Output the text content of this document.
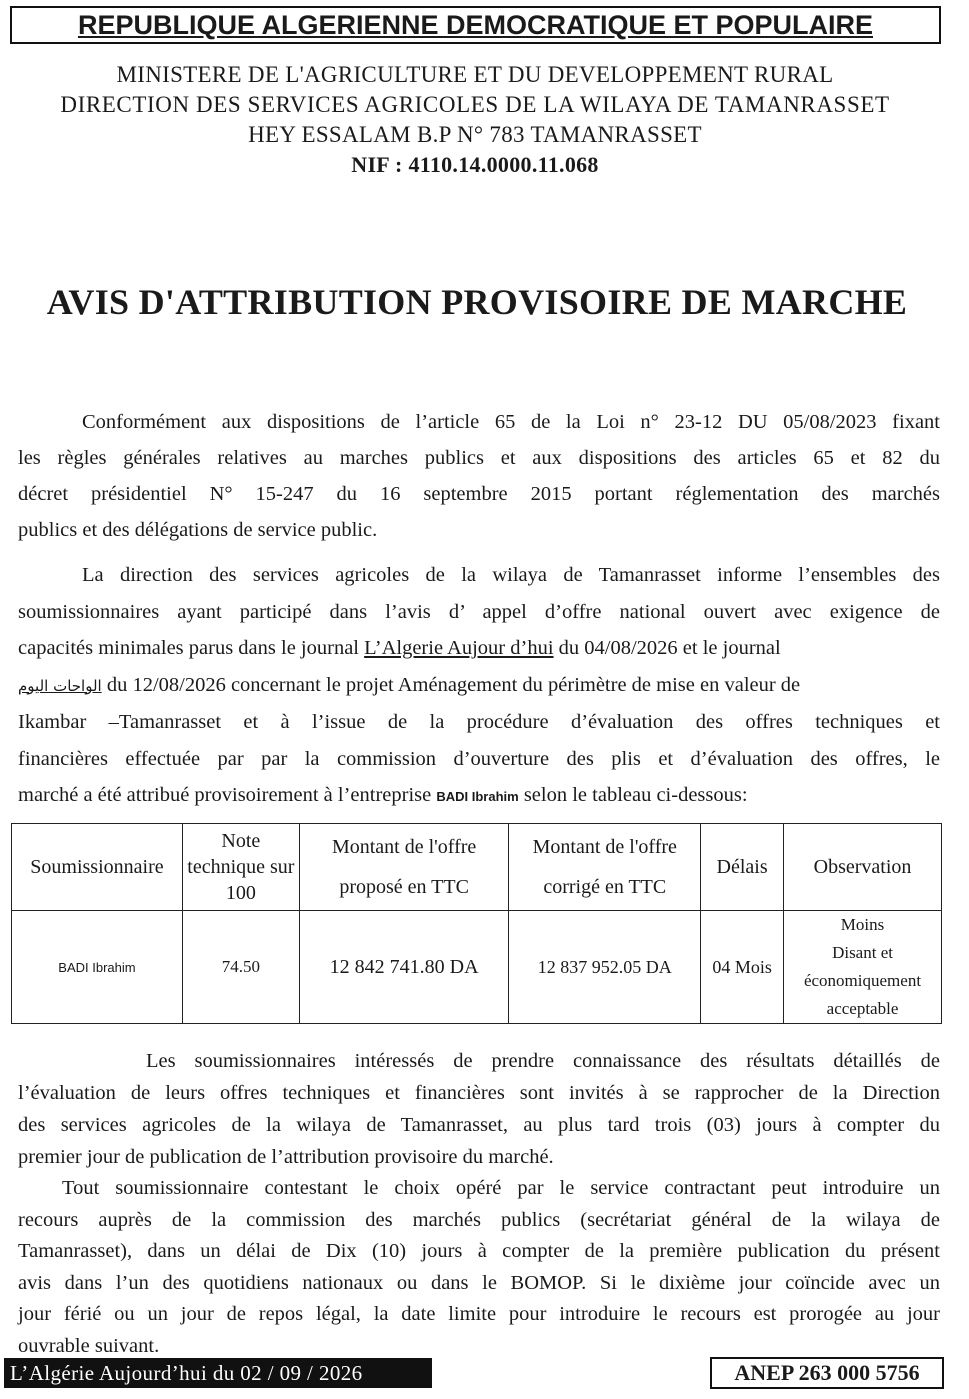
REPUBLIQUE ALGERIENNE DEMOCRATIQUE ET POPULAIRE
MINISTERE DE L'AGRICULTURE ET DU DEVELOPPEMENT RURAL
DIRECTION DES SERVICES AGRICOLES DE LA WILAYA DE TAMANRASSET
HEY ESSALAM B.P N° 783 TAMANRASSET
NIF : 4110.14.0000.11.068
AVIS D'ATTRIBUTION PROVISOIRE DE MARCHE
Conformément aux dispositions de l’article 65 de la Loi n° 23-12 DU 05/08/2023 fixant
les règles générales relatives au marches publics et aux dispositions des articles 65 et 82 du
décret présidentiel N° 15-247 du 16 septembre 2015 portant réglementation des marchés
publics et des délégations de service public.
La direction des services agricoles de la wilaya de Tamanrasset informe l’ensembles des
soumissionnaires ayant participé dans l’avis d’ appel d’offre national ouvert avec exigence de
capacités minimales parus dans le journal L’Algerie Aujour d’hui du 04/08/2026 et le journal
الواحات اليوم du 12/08/2026 concernant le projet Aménagement du périmètre de mise en valeur de
Ikambar –Tamanrasset et à l’issue de la procédure d’évaluation des offres techniques et
financières effectuée par par la commission d’ouverture des plis et d’évaluation des offres, le
marché a été attribué provisoirement à l’entreprise BADI Ibrahim selon le tableau ci-dessous:
Soumissionnaire	Note technique sur 100	Montant de l'offre proposé en TTC	Montant de l'offre corrigé en TTC	Délais	Observation
BADI Ibrahim	74.50	12 842 741.80 DA	12 837 952.05 DA	04 Mois	Moins
Disant et
économiquement
acceptable
Les soumissionnaires intéressés de prendre connaissance des résultats détaillés de
l’évaluation de leurs offres techniques et financières sont invités à se rapprocher de la Direction
des services agricoles de la wilaya de Tamanrasset, au plus tard trois (03) jours à compter du
premier jour de publication de l’attribution provisoire du marché.
Tout soumissionnaire contestant le choix opéré par le service contractant peut introduire un
recours auprès de la commission des marchés publics (secrétariat général de la wilaya de
Tamanrasset), dans un délai de Dix (10) jours à compter de la première publication du présent
avis dans l’un des quotidiens nationaux ou dans le BOMOP. Si le dixième jour coïncide avec un
jour férié ou un jour de repos légal, la date limite pour introduire le recours est prorogée au jour
ouvrable suivant.
L’Algérie Aujourd’hui du 02 / 09 / 2026	ANEP 263 000 5756
